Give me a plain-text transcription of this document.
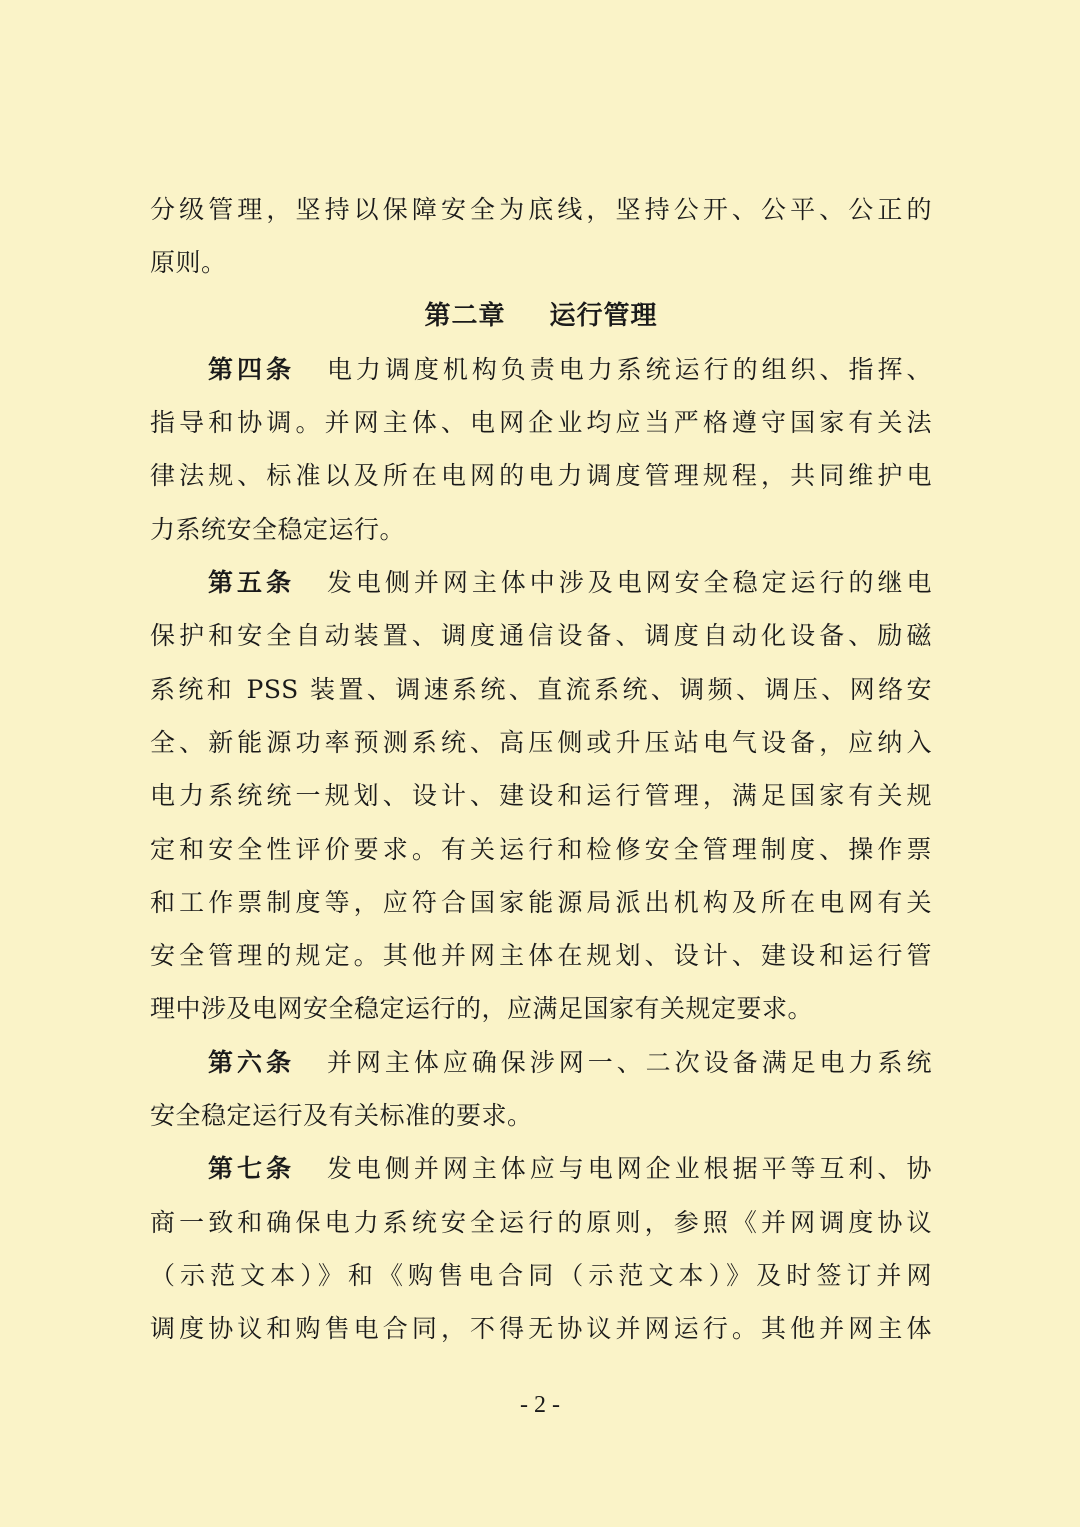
分级管理，坚持以保障安全为底线，坚持公开、公平、公正的
原则。
第二章 运行管理
第四条 电力调度机构负责电力系统运行的组织、指挥、
指导和协调。并网主体、电网企业均应当严格遵守国家有关法
律法规、标准以及所在电网的电力调度管理规程，共同维护电
力系统安全稳定运行。
第五条 发电侧并网主体中涉及电网安全稳定运行的继电
保护和安全自动装置、调度通信设备、调度自动化设备、励磁
系统和 PSS 装置、调速系统、直流系统、调频、调压、网络安
全、新能源功率预测系统、高压侧或升压站电气设备，应纳入
电力系统统一规划、设计、建设和运行管理，满足国家有关规
定和安全性评价要求。有关运行和检修安全管理制度、操作票
和工作票制度等，应符合国家能源局派出机构及所在电网有关
安全管理的规定。其他并网主体在规划、设计、建设和运行管
理中涉及电网安全稳定运行的，应满足国家有关规定要求。
第六条 并网主体应确保涉网一、二次设备满足电力系统
安全稳定运行及有关标准的要求。
第七条 发电侧并网主体应与电网企业根据平等互利、协
商一致和确保电力系统安全运行的原则，参照《并网调度协议
（示范文本）》和《购售电合同（示范文本）》及时签订并网
调度协议和购售电合同，不得无协议并网运行。其他并网主体
- 2 -
